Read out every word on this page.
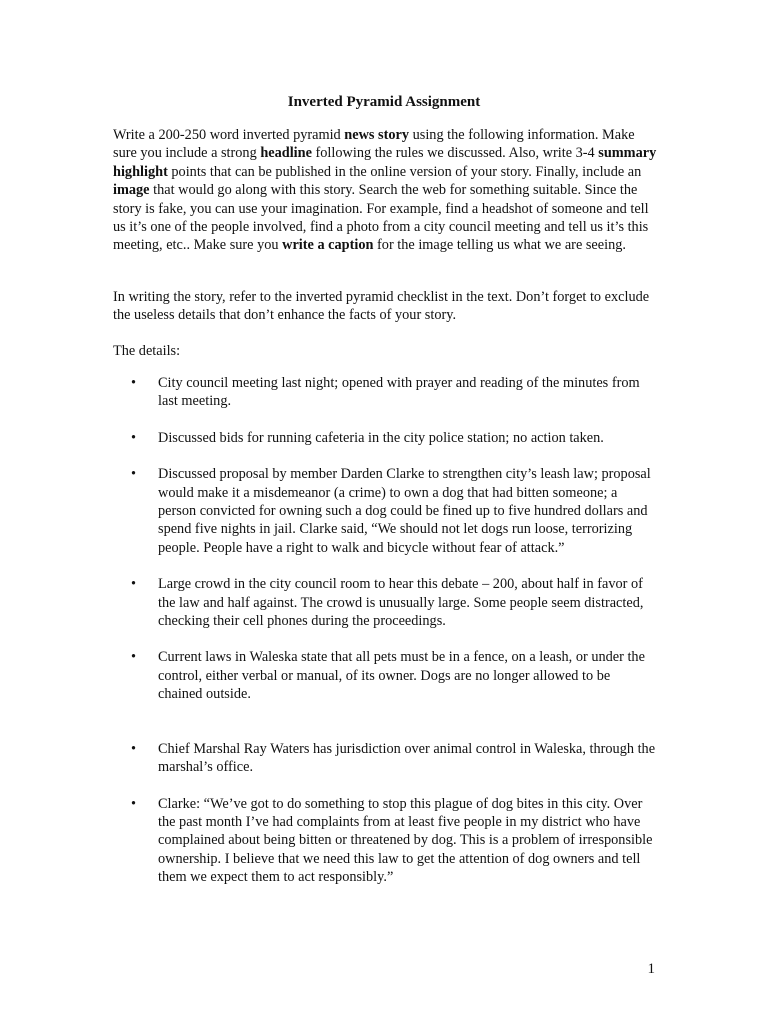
Inverted Pyramid Assignment
Write a 200-250 word inverted pyramid news story using the following information. Make sure you include a strong headline following the rules we discussed. Also, write 3-4 summary highlight points that can be published in the online version of your story. Finally, include an image that would go along with this story. Search the web for something suitable. Since the story is fake, you can use your imagination. For example, find a headshot of someone and tell us it’s one of the people involved, find a photo from a city council meeting and tell us it’s this meeting, etc.. Make sure you write a caption for the image telling us what we are seeing.
In writing the story, refer to the inverted pyramid checklist in the text. Don’t forget to exclude the useless details that don’t enhance the facts of your story.
The details:
• City council meeting last night; opened with prayer and reading of the minutes from last meeting.
• Discussed bids for running cafeteria in the city police station; no action taken.
• Discussed proposal by member Darden Clarke to strengthen city’s leash law; proposal would make it a misdemeanor (a crime) to own a dog that had bitten someone; a person convicted for owning such a dog could be fined up to five hundred dollars and spend five nights in jail. Clarke said, “We should not let dogs run loose, terrorizing people. People have a right to walk and bicycle without fear of attack.”
• Large crowd in the city council room to hear this debate – 200, about half in favor of the law and half against. The crowd is unusually large. Some people seem distracted, checking their cell phones during the proceedings.
• Current laws in Waleska state that all pets must be in a fence, on a leash, or under the control, either verbal or manual, of its owner. Dogs are no longer allowed to be chained outside.
• Chief Marshal Ray Waters has jurisdiction over animal control in Waleska, through the marshal’s office.
• Clarke: “We’ve got to do something to stop this plague of dog bites in this city. Over the past month I’ve had complaints from at least five people in my district who have complained about being bitten or threatened by dog. This is a problem of irresponsible ownership. I believe that we need this law to get the attention of dog owners and tell them we expect them to act responsibly.”
1
